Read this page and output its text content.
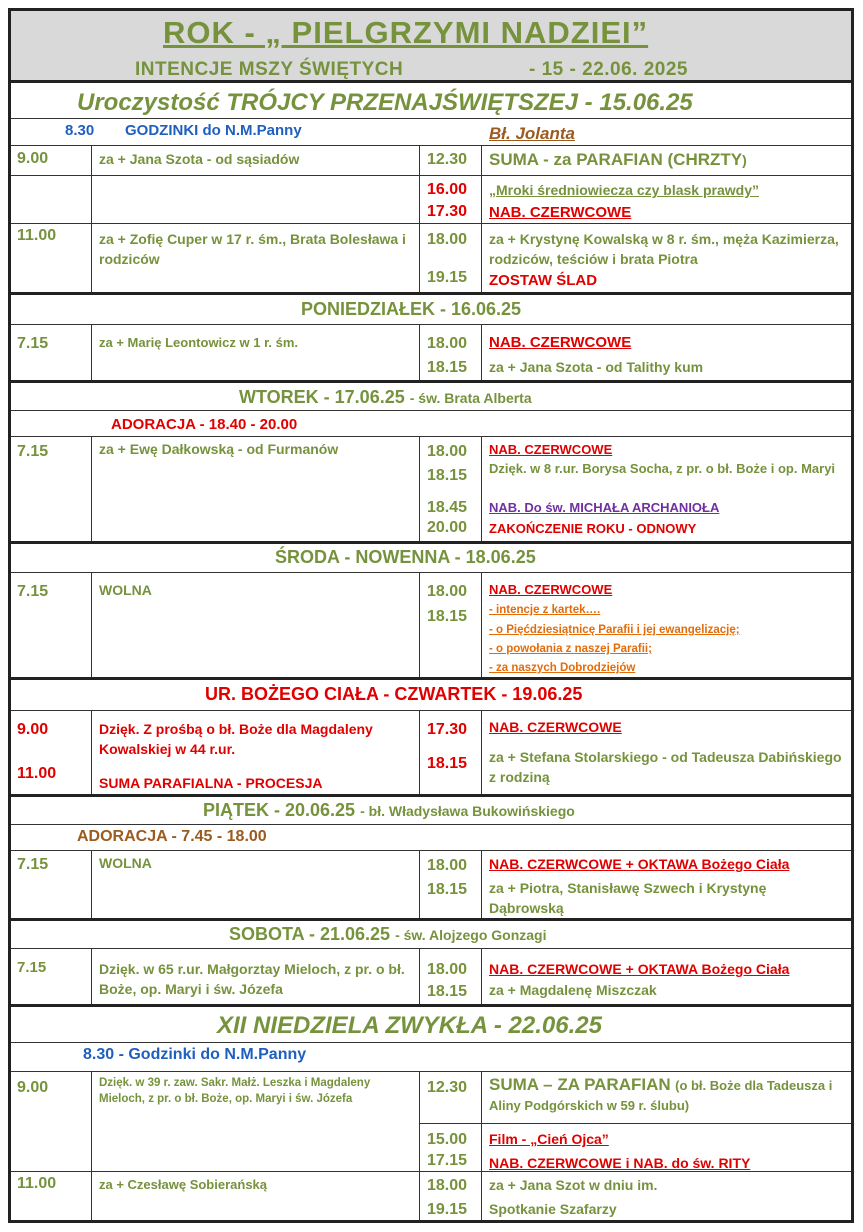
ROK - „ PIELGRZYMI NADZIEI”
INTENCJE MSZY ŚWIĘTYCH	- 15 - 22.06. 2025
Uroczystość TRÓJCY PRZENAJŚWIĘTSZEJ - 15.06.25
8.30 GODZINKI do N.M.Panny	Bł. Jolanta
9.00	za + Jana Szota - od sąsiadów	12.30 SUMA - za PARAFIAN (CHRZTY)
16.00 „Mroki średniowiecza czy blask prawdy”
17.30 NAB. CZERWCOWE
11.00	za + Zofię Cuper w 17 r. śm., Brata Bolesława i rodziców
18.00 za + Krystynę Kowalską w 8 r. śm., męża Kazimierza, rodziców, teściów i brata Piotra
19.15 ZOSTAW ŚLAD
PONIEDZIAŁEK - 16.06.25
7.15	za + Marię Leontowicz w 1 r. śm.	18.00 NAB. CZERWCOWE
18.15 za + Jana Szota - od Talithy kum
WTOREK - 17.06.25 - św. Brata Alberta
ADORACJA - 18.40 - 20.00
7.15	za + Ewę Dałkowską - od Furmanów	18.00 NAB. CZERWCOWE
18.15 Dzięk. w 8 r.ur. Borysa Socha, z pr. o bł. Boże i op. Maryi
18.45 NAB. Do św. MICHAŁA ARCHANIOŁA
20.00 ZAKOŃCZENIE ROKU - ODNOWY
ŚRODA - NOWENNA - 18.06.25
7.15	WOLNA	18.00 NAB. CZERWCOWE
18.15 - intencje z kartek….
- o Pięćdziesiątnicę Parafii i jej ewangelizację;
- o powołania z naszej Parafii;
- za naszych Dobrodziejów
UR. BOŻEGO CIAŁA - CZWARTEK - 19.06.25
9.00	Dzięk. Z prośbą o bł. Boże dla Magdaleny Kowalskiej w 44 r.ur.
11.00
SUMA PARAFIALNA - PROCESJA
17.30 NAB. CZERWCOWE
18.15 za + Stefana Stolarskiego - od Tadeusza Dabińskiego z rodziną
PIĄTEK - 20.06.25 - bł. Władysława Bukowińskiego
ADORACJA - 7.45 - 18.00
7.15	WOLNA	18.00 NAB. CZERWCOWE + OKTAWA Bożego Ciała
18.15 za + Piotra, Stanisławę Szwech i Krystynę Dąbrowską
SOBOTA - 21.06.25 - św. Alojzego Gonzagi
7.15	Dzięk. w 65 r.ur. Małgorztay Mieloch, z pr. o bł. Boże, op. Maryi i św. Józefa
18.00 NAB. CZERWCOWE + OKTAWA Bożego Ciała
18.15 za + Magdalenę Miszczak
XII NIEDZIELA ZWYKŁA - 22.06.25
8.30 - Godzinki do N.M.Panny
9.00	Dzięk. w 39 r. zaw. Sakr. Małż. Leszka i Magdaleny Mieloch, z pr. o bł. Boże, op. Maryi i św. Józefa
12.30 SUMA – ZA PARAFIAN (o bł. Boże dla Tadeusza i Aliny Podgórskich w 59 r. ślubu)
15.00 Film - „Cień Ojca”
17.15 NAB. CZERWCOWE i NAB. do św. RITY
11.00	za + Czesławę Sobierańską	18.00 za + Jana Szot w dniu im.
19.15 Spotkanie Szafarzy
